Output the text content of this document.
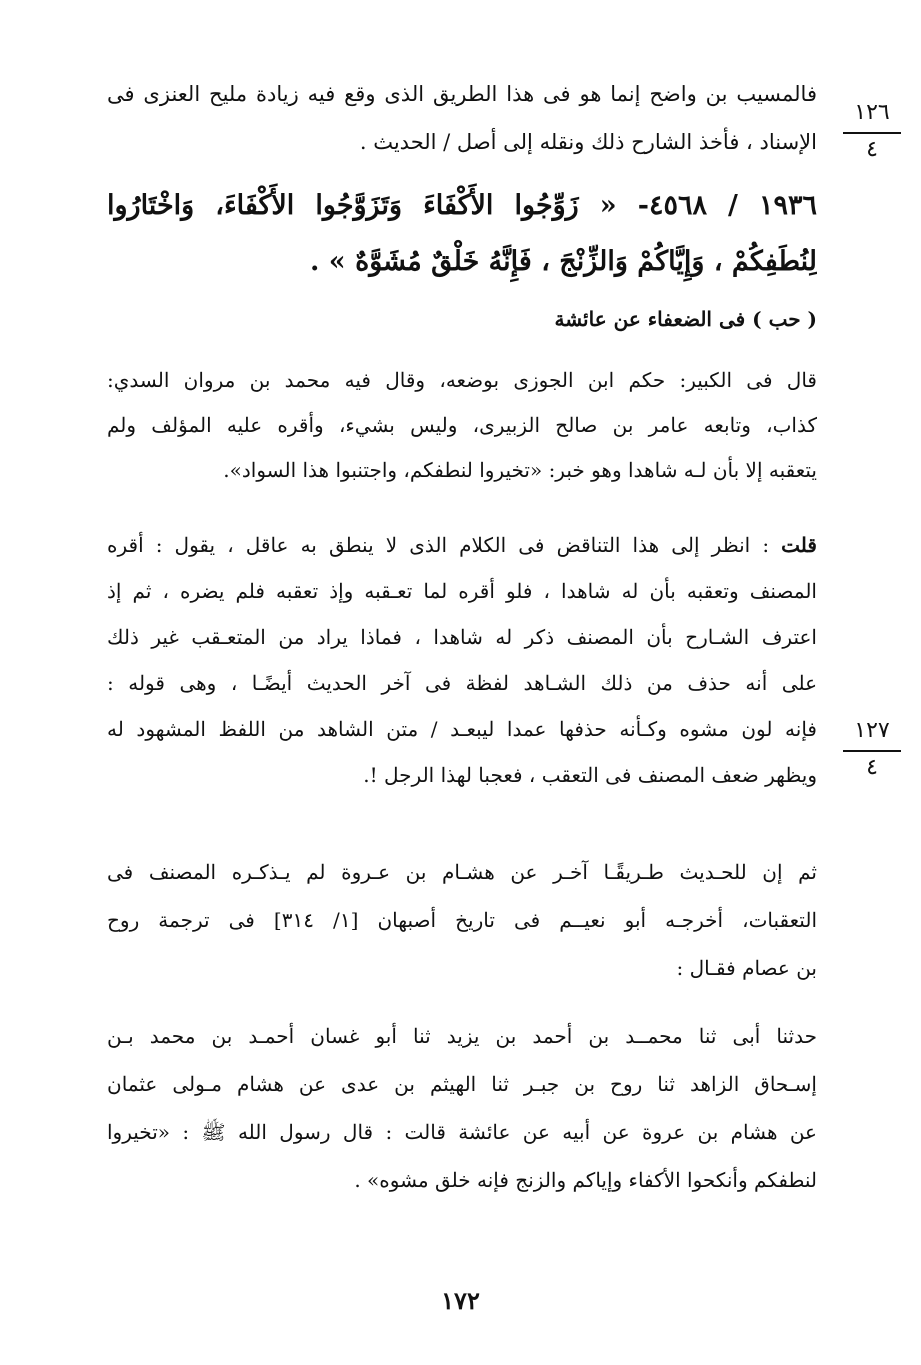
١٢٦
٤
فالمسيب بن واضح إنما هو فى هذا الطريق الذى وقع فيه زيادة مليح العنزى فى
الإسناد ، فأخذ الشارح ذلك ونقله إلى أصل / الحديث .
١٩٣٦ / ٤٥٦٨- « زَوِّجُوا الأَكْفَاءَ وَتَزَوَّجُوا الأَكْفَاءَ، وَاخْتَارُوا
لِنُطَفِكُمْ ، وَإِيَّاكُمْ وَالزِّنْجَ ، فَإِنَّهُ خَلْقٌ مُشَوَّهٌ » .
( حب ) فى الضعفاء عن عائشة
قال فى الكبير: حكم ابن الجوزى بوضعه، وقال فيه محمد بن مروان السدي:
كذاب، وتابعه عامر بن صالح الزبيرى، وليس بشيء، وأقره عليه المؤلف ولم
يتعقبه إلا بأن لـه شاهدا وهو خبر: «تخيروا لنطفكم، واجتنبوا هذا السواد».
قلت : انظر إلى هذا التناقض فى الكلام الذى لا ينطق به عاقل ، يقول : أقره
المصنف وتعقبه بأن له شاهدا ، فلو أقره لما تعـقبه وإذ تعقبه فلم يضره ، ثم إذ
اعترف الشـارح بأن المصنف ذكر له شاهدا ، فماذا يراد من المتعـقب غير ذلك
على أنه حذف من ذلك الشـاهد لفظة فى آخر الحديث أيضًـا ، وهى قوله :
فإنه لون مشوه وكـأنه حذفها عمدا ليبعـد / متن الشاهد من اللفظ المشهود له
ويظهر ضعف المصنف فى التعقب ، فعجبا لهذا الرجل !.
١٢٧
٤
ثم إن للحـديث طـريقًـا آخـر عن هشـام بن عـروة لم يـذكـره المصنف فى
التعقبات، أخرجـه أبو نعيــم فى تاريخ أصبهان [١/ ٣١٤] فى ترجمة روح
بن عصام فقـال :
حدثنا أبى ثنا محمــد بن أحمد بن يزيد ثنا أبو غسان أحمـد بن محمد بـن
إسـحاق الزاهد ثنا روح بن جبـر ثنا الهيثم بن عدى عن هشام مـولى عثمان
عن هشام بن عروة عن أبيه عن عائشة قالت : قال رسول الله ﷺ : «تخيروا
لنطفكم وأنكحوا الأكفاء وإياكم والزنج فإنه خلق مشوه» .
١٧٢
